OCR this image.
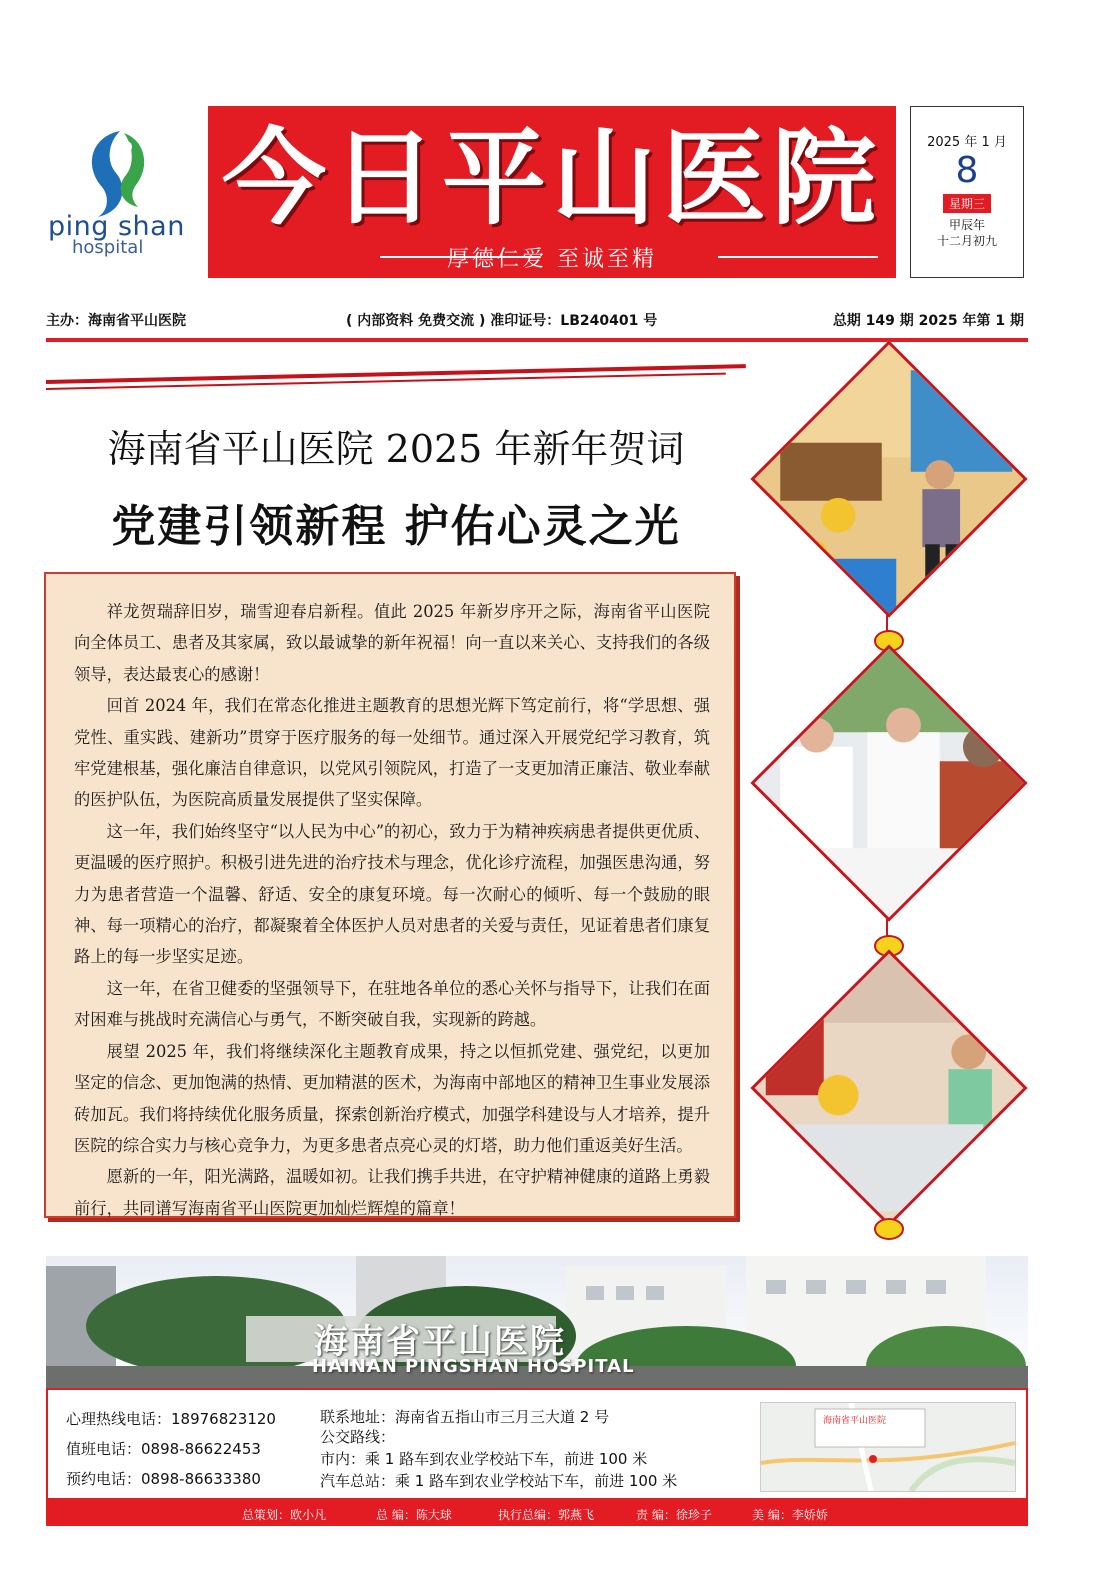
ping shan
hospital
今日平山医院
厚德仁爱 至诚至精
2025 年 1 月
8
星期三
甲辰年
十二月初九
主办：海南省平山医院	( 内部资料 免费交流 ) 准印证号：LB240401 号	总期 149 期 2025 年第 1 期
海南省平山医院 2025 年新年贺词
党建引领新程 护佑心灵之光

祥龙贺瑞辞旧岁，瑞雪迎春启新程。值此 2025 年新岁序开之际，海南省平山医院向全体员工、患者及其家属，致以最诚挚的新年祝福！向一直以来关心、支持我们的各级领导，表达最衷心的感谢！

回首 2024 年，我们在常态化推进主题教育的思想光辉下笃定前行，将“学思想、强党性、重实践、建新功”贯穿于医疗服务的每一处细节。通过深入开展党纪学习教育，筑牢党建根基，强化廉洁自律意识，以党风引领院风，打造了一支更加清正廉洁、敬业奉献的医护队伍，为医院高质量发展提供了坚实保障。

这一年，我们始终坚守“以人民为中心”的初心，致力于为精神疾病患者提供更优质、更温暖的医疗照护。积极引进先进的治疗技术与理念，优化诊疗流程，加强医患沟通，努力为患者营造一个温馨、舒适、安全的康复环境。每一次耐心的倾听、每一个鼓励的眼神、每一项精心的治疗，都凝聚着全体医护人员对患者的关爱与责任，见证着患者们康复路上的每一步坚实足迹。

这一年，在省卫健委的坚强领导下，在驻地各单位的悉心关怀与指导下，让我们在面对困难与挑战时充满信心与勇气，不断突破自我，实现新的跨越。

展望 2025 年，我们将继续深化主题教育成果，持之以恒抓党建、强党纪，以更加坚定的信念、更加饱满的热情、更加精湛的医术，为海南中部地区的精神卫生事业发展添砖加瓦。我们将持续优化服务质量，探索创新治疗模式，加强学科建设与人才培养，提升医院的综合实力与核心竞争力，为更多患者点亮心灵的灯塔，助力他们重返美好生活。

愿新的一年，阳光满路，温暖如初。让我们携手共进，在守护精神健康的道路上勇毅前行，共同谱写海南省平山医院更加灿烂辉煌的篇章！

海南省平山医院
HAINAN PINGSHAN HOSPITAL
心理热线电话：18976823120
值班电话：0898-86622453
预约电话：0898-86633380
联系地址：海南省五指山市三月三大道 2 号
公交路线：
市内：乘 1 路车到农业学校站下车，前进 100 米
汽车总站：乘 1 路车到农业学校站下车，前进 100 米
海南省平山医院
总策划：欧小凡	总 编：陈大球	执行总编：郭燕飞	责 编：徐珍子	美 编：李娇娇
